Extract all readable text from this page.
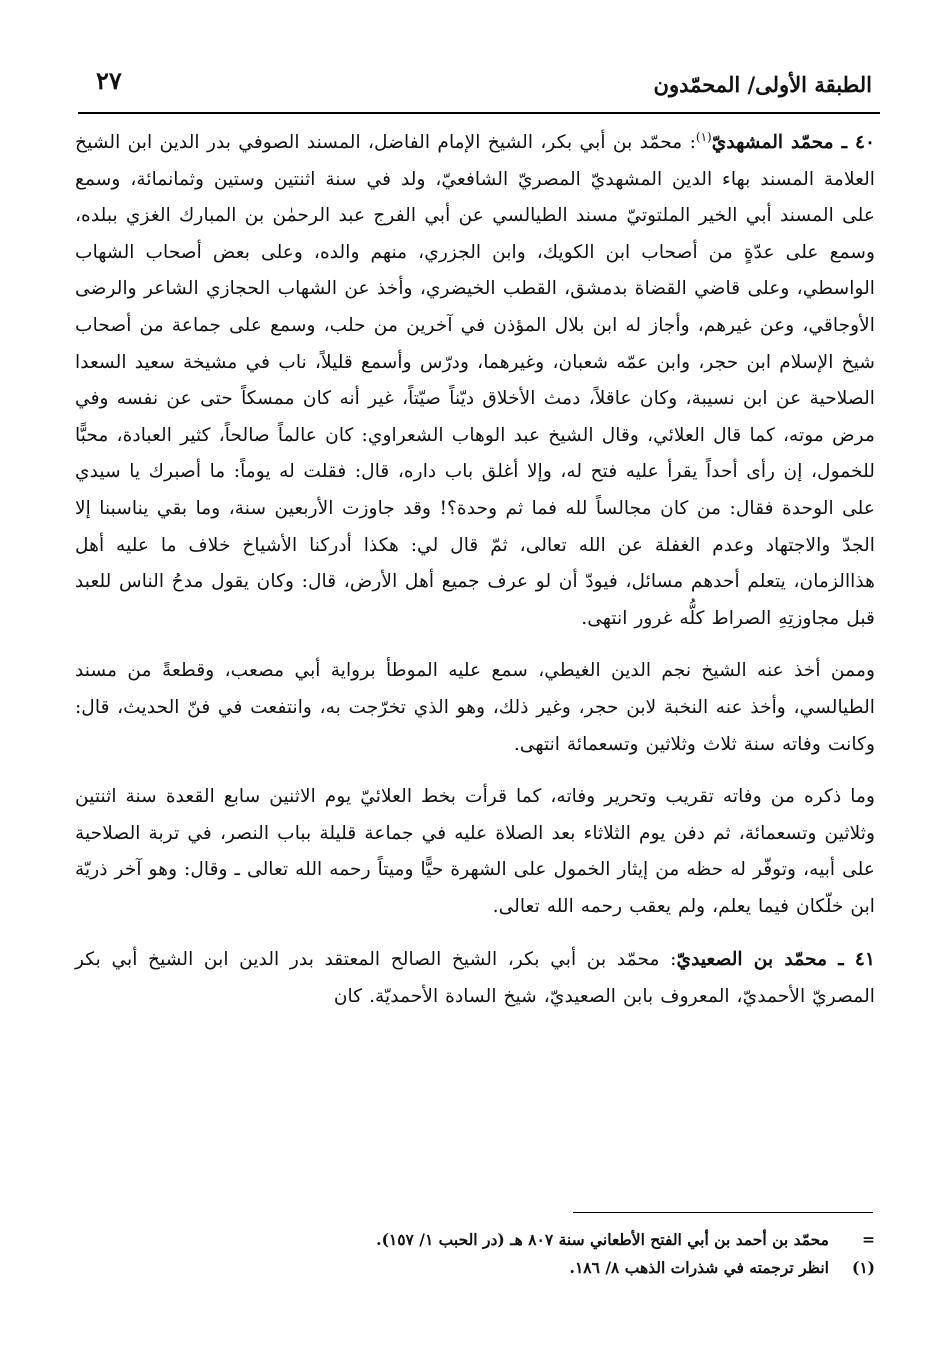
الطبقة الأولى/ المحمّدون
٢٧

٤٠ ـ محمّد المشهديّ$^{(١)}$: محمّد بن أبي بكر، الشيخ الإمام الفاضل، المسند الصوفي بدر الدين ابن الشيخ العلامة المسند بهاء الدين المشهديّ المصريّ الشافعيّ، ولد في سنة اثنتين وستين وثمانمائة، وسمع على المسند أبي الخير الملتوتيّ مسند الطيالسي عن أبي الفرج عبد الرحمٰن بن المبارك الغزي ببلده، وسمع على عدّةٍ من أصحاب ابن الكويك، وابن الجزري، منهم والده، وعلى بعض أصحاب الشهاب الواسطي، وعلى قاضي القضاة بدمشق، القطب الخيضري، وأخذ عن الشهاب الحجازي الشاعر والرضى الأوجاقي، وعن غيرهم، وأجاز له ابن بلال المؤذن في آخرين من حلب، وسمع على جماعة من أصحاب شيخ الإسلام ابن حجر، وابن عمّه شعبان، وغيرهما، ودرّس وأسمع قليلاً، ناب في مشيخة سعيد السعدا الصلاحية عن ابن نسيبة، وكان عاقلاً، دمث الأخلاق ديّناً صيّتاً، غير أنه كان ممسكاً حتى عن نفسه وفي مرض موته، كما قال العلائي، وقال الشيخ عبد الوهاب الشعراوي: كان عالماً صالحاً، كثير العبادة، محبًّا للخمول، إن رأى أحداً يقرأ عليه فتح له، وإلا أغلق باب داره، قال: فقلت له يوماً: ما أصبرك يا سيدي على الوحدة فقال: من كان مجالساً لله فما ثم وحدة؟! وقد جاوزت الأربعين سنة، وما بقي يناسبنا إلا الجدّ والاجتهاد وعدم الغفلة عن الله تعالى، ثمّ قال لي: هكذا أدركنا الأشياخ خلاف ما عليه أهل هذاالزمان، يتعلم أحدهم مسائل، فيودّ أن لو عرف جميع أهل الأرض، قال: وكان يقول مدحُ الناس للعبد قبل مجاوزتِهِ الصراط كلُّه غرور انتهى.

وممن أخذ عنه الشيخ نجم الدين الغيطي، سمع عليه الموطأ برواية أبي مصعب، وقطعةً من مسند الطيالسي، وأخذ عنه النخبة لابن حجر، وغير ذلك، وهو الذي تخرّجت به، وانتفعت في فنّ الحديث، قال: وكانت وفاته سنة ثلاث وثلاثين وتسعمائة انتهى.

وما ذكره من وفاته تقريب وتحرير وفاته، كما قرأت بخط العلائيّ يوم الاثنين سابع القعدة سنة اثنتين وثلاثين وتسعمائة، ثم دفن يوم الثلاثاء بعد الصلاة عليه في جماعة قليلة بباب النصر، في تربة الصلاحية على أبيه، وتوفّر له حظه من إيثار الخمول على الشهرة حيًّا وميتاً رحمه الله تعالى ـ وقال: وهو آخر ذريّة ابن خلّكان فيما يعلم، ولم يعقب رحمه الله تعالى.

٤١ ـ محمّد بن الصعيديّ: محمّد بن أبي بكر، الشيخ الصالح المعتقد بدر الدين ابن الشيخ أبي بكر المصريّ الأحمديّ، المعروف بابن الصعيديّ، شيخ السادة الأحمديّة. كان

=
محمّد بن أحمد بن أبي الفتح الأطعاني سنة ٨٠٧ هـ (در الحبب ١/ ١٥٧).
(١)
انظر ترجمته في شذرات الذهب ٨/ ١٨٦.
